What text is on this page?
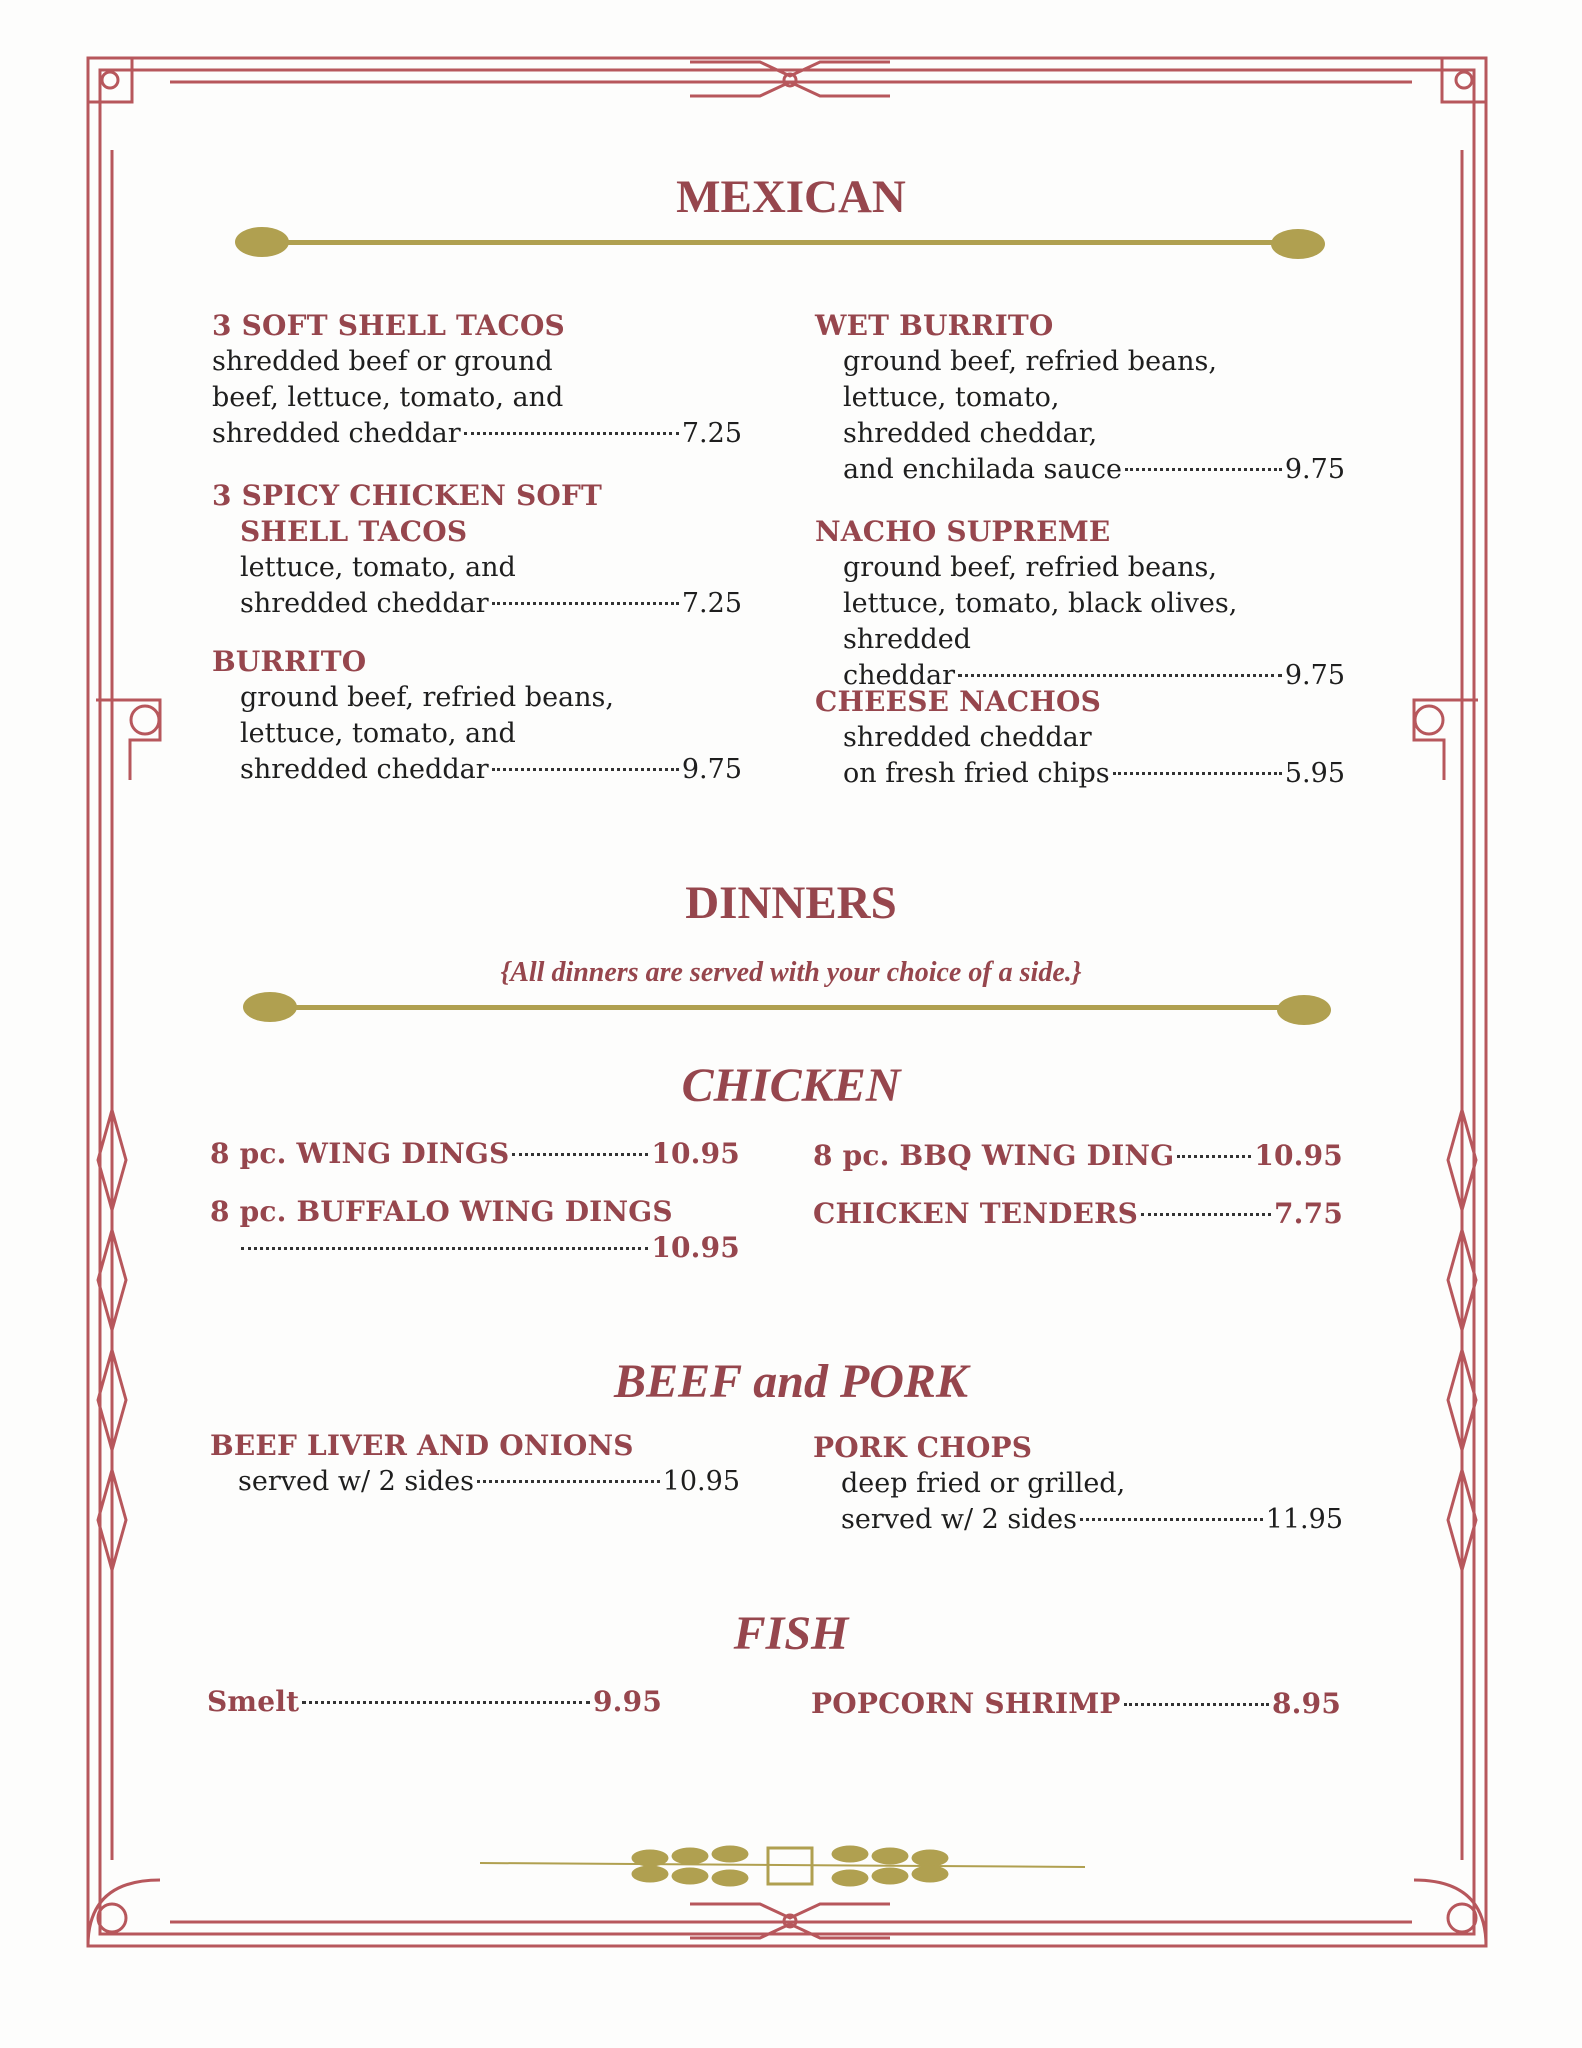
MEXICAN
3 SOFT SHELL TACOS
shredded beef or ground
beef, lettuce, tomato, and
shredded cheddar	7.25
3 SPICY CHICKEN SOFT
SHELL TACOS
lettuce, tomato, and
shredded cheddar	7.25
BURRITO
ground beef, refried beans,
lettuce, tomato, and
shredded cheddar	9.75
WET BURRITO
ground beef, refried beans,
lettuce, tomato,
shredded cheddar,
and enchilada sauce	9.75
NACHO SUPREME
ground beef, refried beans,
lettuce, tomato, black olives, shredded
cheddar	9.75
CHEESE NACHOS
shredded cheddar
on fresh fried chips	5.95
DINNERS

{All dinners are served with your choice of a side.}

CHICKEN
8 pc. WING DINGS	10.95
8 pc. BUFFALO WING DINGS
10.95
8 pc. BBQ WING DING	10.95
CHICKEN TENDERS	7.75
BEEF and PORK
BEEF LIVER AND ONIONS
served w/ 2 sides	10.95
PORK CHOPS
deep fried or grilled,
served w/ 2 sides	11.95
FISH
Smelt	9.95	POPCORN SHRIMP	8.95
